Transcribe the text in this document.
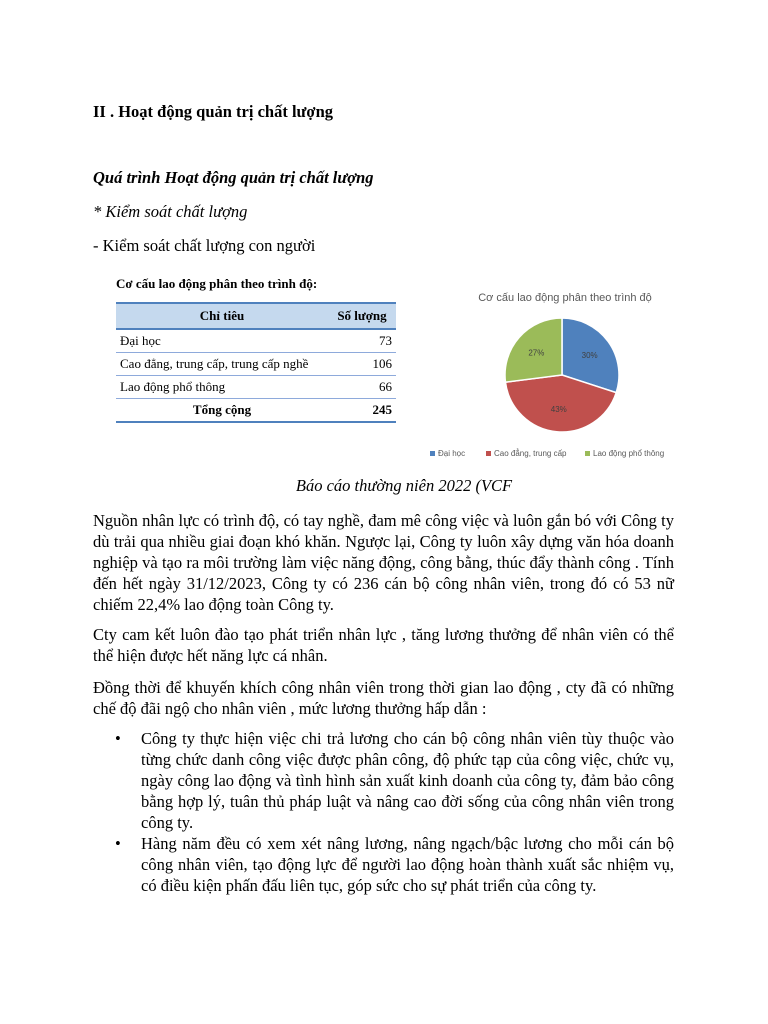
II . Hoạt động quản trị chất lượng
Quá trình Hoạt động quản trị chất lượng
* Kiểm soát chất lượng
- Kiểm soát chất lượng con người
Cơ cấu lao động phân theo trình độ:
Chỉ tiêu	Số lượng
Đại học	73
Cao đẳng, trung cấp, trung cấp nghề	106
Lao động phổ thông	66
Tổng cộng	245
Cơ cấu lao động phân theo trình độ
30%
43%
27%
Đại học	Cao đẳng, trung cấp	Lao động phổ thông
Báo cáo thường niên 2022 (VCF
Nguồn nhân lực có trình độ, có tay nghề, đam mê công việc và luôn gắn bó với Công ty dù trải qua nhiều giai đoạn khó khăn. Ngược lại, Công ty luôn xây dựng văn hóa doanh nghiệp và tạo ra môi trường làm việc năng động, công bằng, thúc đẩy thành công . Tính đến hết ngày 31/12/2023, Công ty có 236 cán bộ công nhân viên, trong đó có 53 nữ chiếm 22,4% lao động toàn Công ty.
Cty cam kết luôn đào tạo phát triển nhân lực , tăng lương thưởng để nhân viên có thể thể hiện được hết năng lực cá nhân.
Đồng thời để khuyến khích công nhân viên trong thời gian lao động , cty đã có những chế độ đãi ngộ cho nhân viên , mức lương thưởng hấp dẫn :
• Công ty thực hiện việc chi trả lương cho cán bộ công nhân viên tùy thuộc vào từng chức danh công việc được phân công, độ phức tạp của công việc, chức vụ, ngày công lao động và tình hình sản xuất kinh doanh của công ty, đảm bảo công bằng hợp lý, tuân thủ pháp luật và nâng cao đời sống của công nhân viên trong công ty.
• Hàng năm đều có xem xét nâng lương, nâng ngạch/bậc lương cho mỗi cán bộ công nhân viên, tạo động lực để người lao động hoàn thành xuất sắc nhiệm vụ, có điều kiện phấn đấu liên tục, góp sức cho sự phát triển của công ty.
